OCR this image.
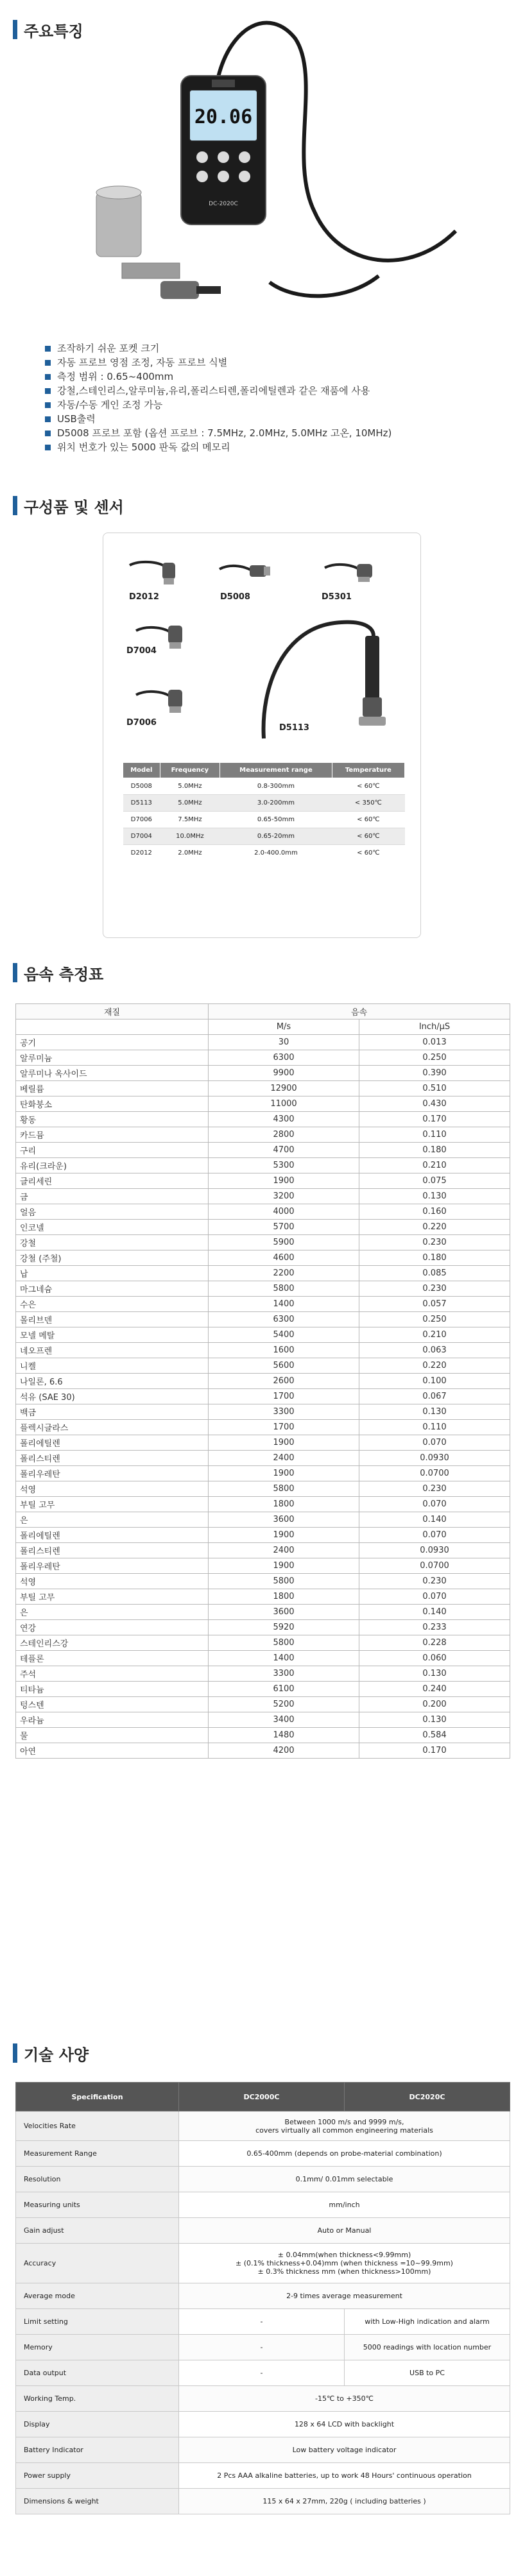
주요특징
20.06
DC-2020C
조작하기 쉬운 포켓 크기
자동 프로브 영점 조정, 자동 프로브 식별
측정 범위 : 0.65~400mm
강철,스테인리스,알루미늄,유리,폴리스티렌,폴리에틸렌과 같은 재품에 사용
자동/수동 게인 조정 가능
USB출력
D5008 프로브 포함 (옵션 프로브 : 7.5MHz, 2.0MHz, 5.0MHz 고온, 10MHz)
위치 번호가 있는 5000 판독 값의 메모리
구성품 및 센서
D2012	D5008	D5301
D7004
D7006
D5113
Model	Frequency	Measurement range	Temperature
D5008	5.0MHz	0.8-300mm	< 60℃
D5113	5.0MHz	3.0-200mm	< 350℃
D7006	7.5MHz	0.65-50mm	< 60℃
D7004	10.0MHz	0.65-20mm	< 60℃
D2012	2.0MHz	2.0-400.0mm	< 60℃
음속 측정표
재질	음속	
	M/s	Inch/μS
공기	30	0.013
알루미늄	6300	0.250
알루미나 옥사이드	9900	0.390
베릴륨	12900	0.510
탄화붕소	11000	0.430
황동	4300	0.170
카드뮴	2800	0.110
구리	4700	0.180
유리(크라운)	5300	0.210
글리세린	1900	0.075
금	3200	0.130
얼음	4000	0.160
인코넬	5700	0.220
강철	5900	0.230
강철 (주철)	4600	0.180
납	2200	0.085
마그네슘	5800	0.230
수은	1400	0.057
몰리브덴	6300	0.250
모넬 메탈	5400	0.210
네오프렌	1600	0.063
니켈	5600	0.220
나일론, 6.6	2600	0.100
석유 (SAE 30)	1700	0.067
백금	3300	0.130
플렉시글라스	1700	0.110
폴리에틸렌	1900	0.070
폴리스티렌	2400	0.0930
폴리우레탄	1900	0.0700
석영	5800	0.230
부틸 고무	1800	0.070
은	3600	0.140
폴리에틸렌	1900	0.070
폴리스티렌	2400	0.0930
폴리우레탄	1900	0.0700
석영	5800	0.230
부틸 고무	1800	0.070
은	3600	0.140
연강	5920	0.233
스테인리스강	5800	0.228
테플론	1400	0.060
주석	3300	0.130
티타늄	6100	0.240
텅스텐	5200	0.200
우라늄	3400	0.130
물	1480	0.584
아연	4200	0.170
기술 사양
Specification	DC2000C	DC2020C
Velocities Rate	Between 1000 m/s and 9999 m/s,
covers virtually all common engineering materials	
Measurement Range	0.65-400mm (depends on probe-material combination)	
Resolution	0.1mm/ 0.01mm selectable	
Measuring units	mm/inch	
Gain adjust	Auto or Manual	
Accuracy	± 0.04mm(when thickness<9.99mm)
± (0.1% thickness+0.04)mm (when thickness =10~99.9mm)
± 0.3% thickness mm (when thickness>100mm)	
Average mode	2-9 times average measurement	
Limit setting	-	with Low-High indication and alarm
Memory	-	5000 readings with location number
Data output	-	USB to PC
Working Temp.	-15℃ to +350℃	
Display	128 x 64 LCD with backlight	
Battery Indicator	Low battery voltage indicator	
Power supply	2 Pcs AAA alkaline batteries, up to work 48 Hours' continuous operation	
Dimensions & weight	115 x 64 x 27mm, 220g ( including batteries )	
